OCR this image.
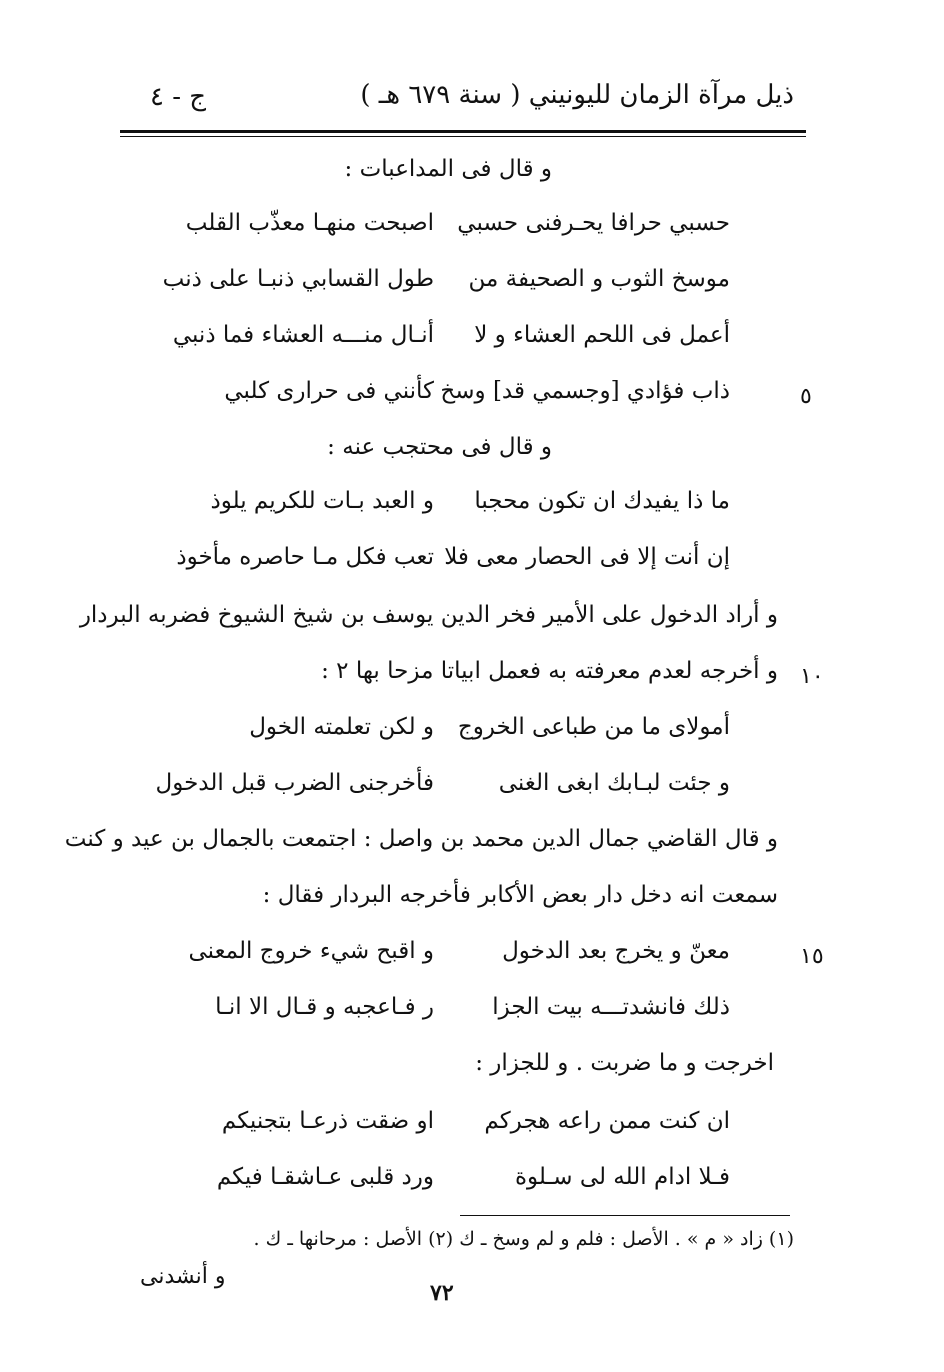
ذيل مرآة الزمان لليونيني ( سنة ٦٧٩ هـ )
ج - ٤
و قال فى المداعبات :
حسبي حرافا يحـرفنى حسبي
اصبحت منهـا معذّب القلب
موسخ الثوب و الصحيفة من
طول القسابي ذنبـا على ذنب
أعمل فى اللحم العشاء و لا
أنـال منـــه العشاء فما ذنبي
ذاب فؤادي [وجسمي قد] وسخ
كأنني فى حرارى كلبي	٥
و قال فى محتجب عنه :
ما ذا يفيدك ان تكون محجبا
و العبد بـات للكريم يلوذ
إن أنت إلا فى الحصار معى فلا
تعب فكل مـا حاصره مأخوذ
و أراد الدخول على الأمير فخر الدين يوسف بن شيخ الشيوخ فضربه البردار
و أخرجه لعدم معرفته به فعمل ابياتا مزحا بها ٢ : ١٠
أمولاى ما من طباعى الخروج
و لكن تعلمته الخول
و جئت لبـابك ابغى الغنى
فأخرجنى الضرب قبل الدخول
و قال القاضي جمال الدين محمد بن واصل : اجتمعت بالجمال بن عيد و كنت
سمعت انه دخل دار بعض الأكابر فأخرجه البردار فقال :
معنّ و يخرج بعد الدخول
و اقبح شيء خروج المعنى	١٥
ذلك فانشدتـــه بيت الجزا
ر فـاعجبه و قـال الا انـا
اخرجت و ما ضربت . و للجزار :
ان كنت ممن راعه هجركم
او ضقت ذرعـا بتجنيكم
فـلا ادام الله لى سـلوة
ورد قلبى عـاشقـا فيكم
(١) زاد « م » . الأصل : فلم و لم وسخ ـ ك (٢) الأصل : مرحانها ـ ك .
٧٢
و أنشدنى
